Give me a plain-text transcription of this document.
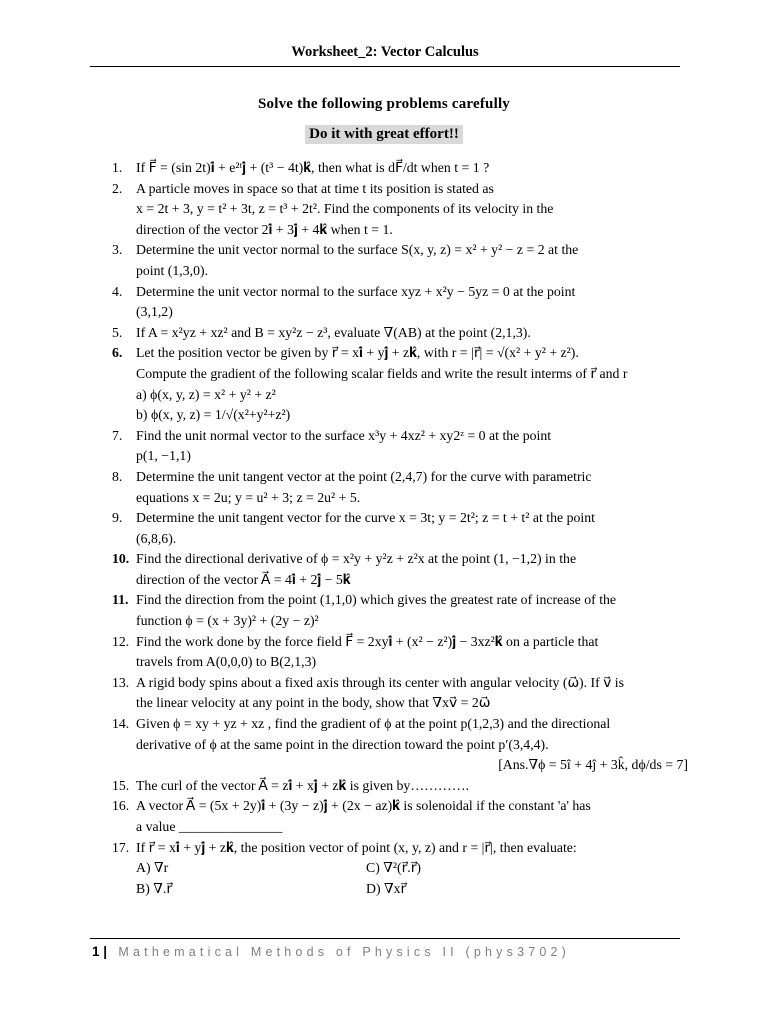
Worksheet_2: Vector Calculus
Solve the following problems carefully
Do it with great effort!!
1. If F⃗ = (sin 2t)𝐢̂ + e²ᵗ𝐣̂ + (t³ − 4t)𝐤̂, then what is dF⃗/dt when t = 1 ?
2. A particle moves in space so that at time t its position is stated as
x = 2t + 3, y = t² + 3t, z = t³ + 2t². Find the components of its velocity in the
direction of the vector 2𝐢̂ + 3𝐣̂ + 4𝐤̂ when t = 1.
3. Determine the unit vector normal to the surface S(x, y, z) = x² + y² − z = 2 at the
point (1,3,0).
4. Determine the unit vector normal to the surface xyz + x²y − 5yz = 0 at the point
(3,1,2)
5. If A = x²yz + xz² and B = xy²z − z³, evaluate ∇(AB) at the point (2,1,3).
6. Let the position vector be given by r⃗ = x𝐢̂ + y𝐣̂ + z𝐤̂, with r = |r⃗| = √(x² + y² + z²).
Compute the gradient of the following scalar fields and write the result interms of r⃗ and r
a) ϕ(x, y, z) = x² + y² + z²
b) ϕ(x, y, z) = 1/√(x²+y²+z²)
7. Find the unit normal vector to the surface x³y + 4xz² + xy2ᶻ = 0 at the point
p(1, −1,1)
8. Determine the unit tangent vector at the point (2,4,7) for the curve with parametric
equations x = 2u; y = u² + 3; z = 2u² + 5.
9. Determine the unit tangent vector for the curve x = 3t; y = 2t²; z = t + t² at the point
(6,8,6).
10. Find the directional derivative of ϕ = x²y + y²z + z²x at the point (1, −1,2) in the
direction of the vector A⃗ = 4𝐢̂ + 2𝐣̂ − 5𝐤̂
11. Find the direction from the point (1,1,0) which gives the greatest rate of increase of the
function ϕ = (x + 3y)² + (2y − z)²
12. Find the work done by the force field F⃗ = 2xy𝐢̂ + (x² − z²)𝐣̂ − 3xz²𝐤̂ on a particle that
travels from A(0,0,0) to B(2,1,3)
13. A rigid body spins about a fixed axis through its center with angular velocity (ω⃗). If v⃗ is
the linear velocity at any point in the body, show that ∇xv⃗ = 2ω⃗
14. Given ϕ = xy + yz + xz , find the gradient of ϕ at the point p(1,2,3) and the directional
derivative of ϕ at the same point in the direction toward the point p′(3,4,4).
[Ans.∇ϕ = 5î + 4ĵ + 3k̂, dϕ/ds = 7]
15. The curl of the vector A⃗ = z𝐢̂ + x𝐣̂ + z𝐤̂ is given by………….
16. A vector A⃗ = (5x + 2y)𝐢̂ + (3y − z)𝐣̂ + (2x − az)𝐤̂ is solenoidal if the constant 'a' has
a value _______________
17. If r⃗ = x𝐢̂ + y𝐣̂ + z𝐤̂, the position vector of point (x, y, z) and r = |r⃗|, then evaluate:
A) ∇r	C) ∇²(r⃗.r⃗)
B) ∇.r⃗	D) ∇xr⃗
1 | Mathematical Methods of Physics II (phys3702)
